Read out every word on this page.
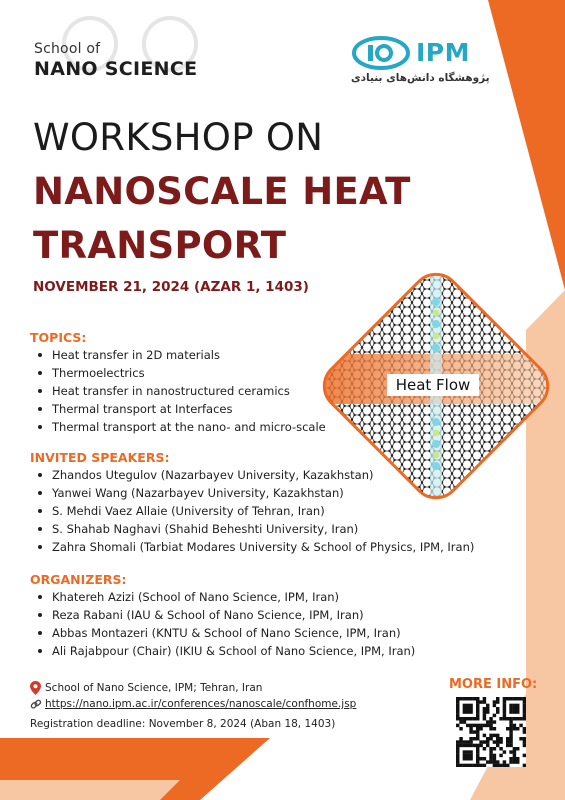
School of
NANO SCIENCE
IPM
پژوهشگاه دانش‌های بنیادی
WORKSHOP ON
NANOSCALE HEAT
TRANSPORT
NOVEMBER 21, 2024 (AZAR 1, 1403)
Heat Flow
TOPICS:
Heat transfer in 2D materials
Thermoelectrics
Heat transfer in nanostructured ceramics
Thermal transport at Interfaces
Thermal transport at the nano- and micro-scale
INVITED SPEAKERS:
Zhandos Utegulov (Nazarbayev University, Kazakhstan)
Yanwei Wang (Nazarbayev University, Kazakhstan)
S. Mehdi Vaez Allaie (University of Tehran, Iran)
S. Shahab Naghavi (Shahid Beheshti University, Iran)
Zahra Shomali (Tarbiat Modares University & School of Physics, IPM, Iran)
ORGANIZERS:
Khatereh Azizi (School of Nano Science, IPM, Iran)
Reza Rabani (IAU & School of Nano Science, IPM, Iran)
Abbas Montazeri (KNTU & School of Nano Science, IPM, Iran)
Ali Rajabpour (Chair) (IKIU & School of Nano Science, IPM, Iran)
School of Nano Science, IPM; Tehran, Iran
https://nano.ipm.ac.ir/conferences/nanoscale/confhome.jsp
Registration deadline: November 8, 2024 (Aban 18, 1403)
MORE INFO:
